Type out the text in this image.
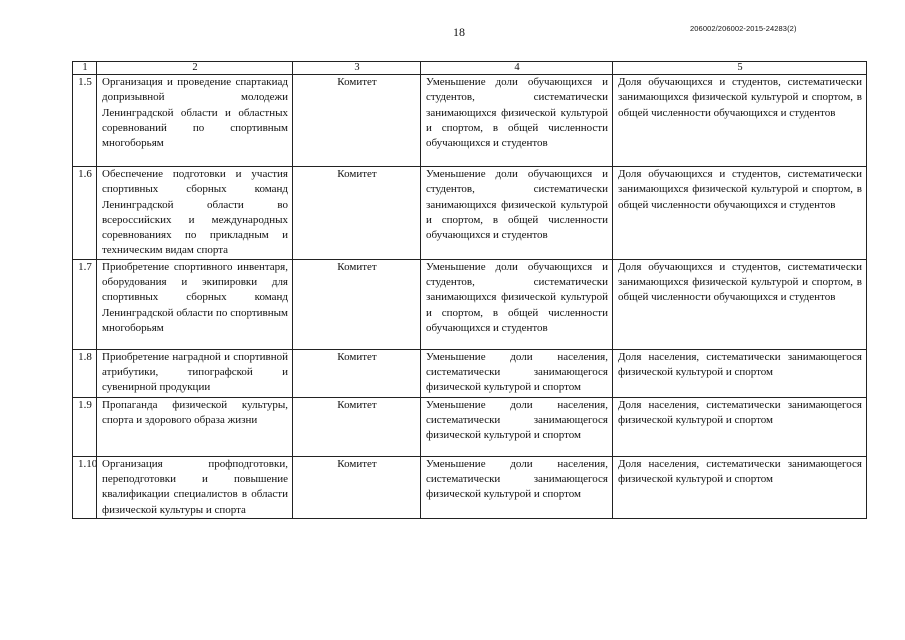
18	206002/206002-2015-24283(2)
1	2	3	4	5
1.5	Организация и проведение спартакиад допризывной молодежи Ленинградской области и областных соревнований по спортивным многоборьям	Комитет	Уменьшение доли обучающихся и студентов, систематически занимающихся физической культурой и спортом, в общей численности обучающихся и студентов	Доля обучающихся и студентов, систематически занимающихся физической культурой и спортом, в общей численности обучающихся и студентов
1.6	Обеспечение подготовки и участия спортивных сборных команд Ленинградской области во всероссийских и международных соревнованиях по прикладным и техническим видам спорта	Комитет	Уменьшение доли обучающихся и студентов, систематически занимающихся физической культурой и спортом, в общей численности обучающихся и студентов	Доля обучающихся и студентов, систематически занимающихся физической культурой и спортом, в общей численности обучающихся и студентов
1.7	Приобретение спортивного инвентаря, оборудования и экипировки для спортивных сборных команд Ленинградской области по спортивным многоборьям	Комитет	Уменьшение доли обучающихся и студентов, систематически занимающихся физической культурой и спортом, в общей численности обучающихся и студентов	Доля обучающихся и студентов, систематически занимающихся физической культурой и спортом, в общей численности обучающихся и студентов
1.8	Приобретение наградной и спортивной атрибутики, типографской и сувенирной продукции	Комитет	Уменьшение доли населения, систематически занимающегося физической культурой и спортом	Доля населения, систематически занимающегося физической культурой и спортом
1.9	Пропаганда физической культуры, спорта и здорового образа жизни	Комитет	Уменьшение доли населения, систематически занимающегося физической культурой и спортом	Доля населения, систематически занимающегося физической культурой и спортом
1.10	Организация профподготовки, переподготовки и повышение квалификации специалистов в области физической культуры и спорта	Комитет	Уменьшение доли населения, систематически занимающегося физической культурой и спортом	Доля населения, систематически занимающегося физической культурой и спортом
